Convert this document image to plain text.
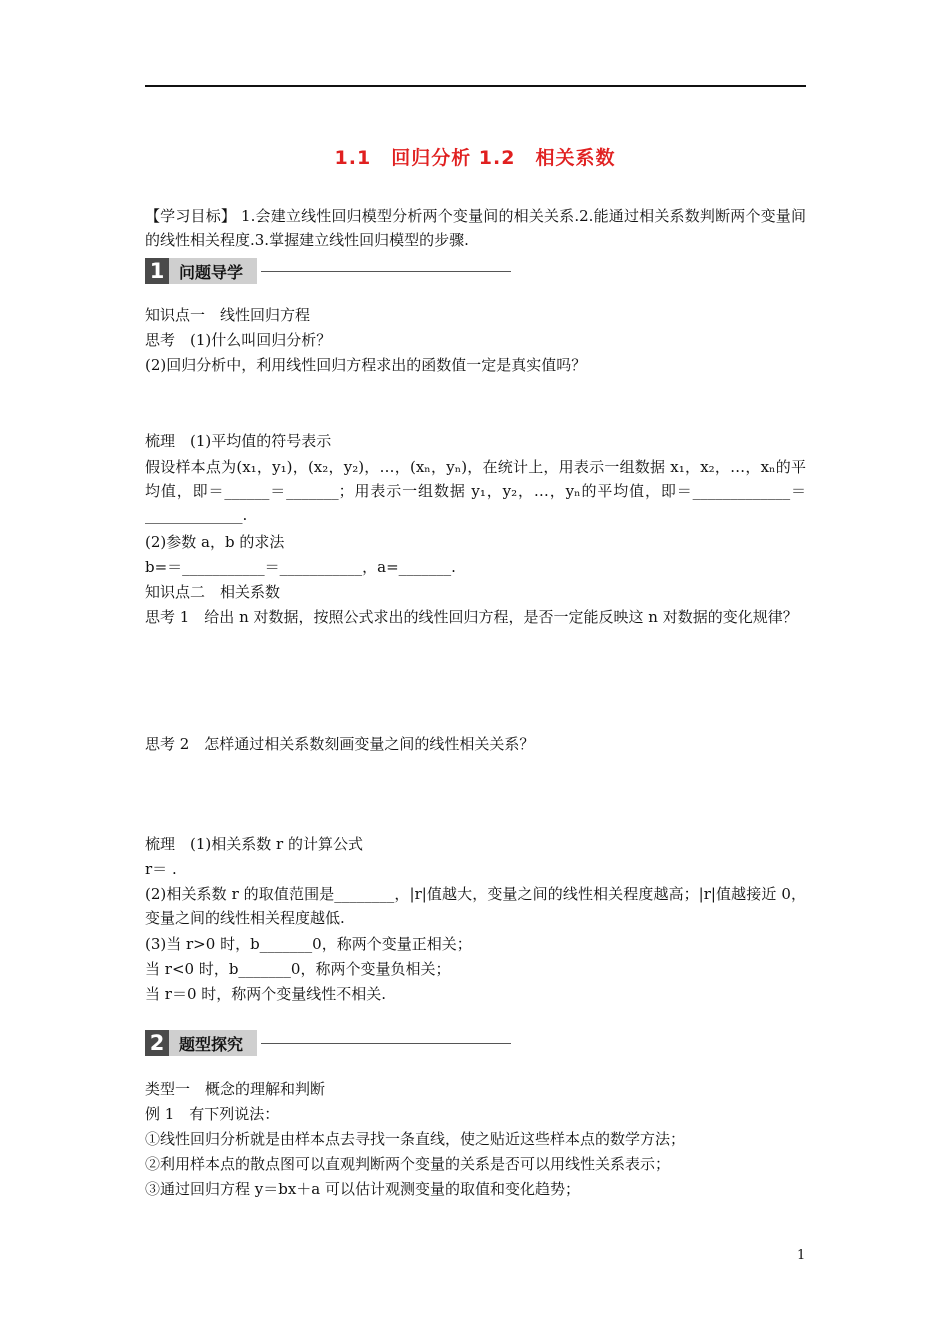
1.1　回归分析 1.2　相关系数
【学习目标】 1.会建立线性回归模型分析两个变量间的相关关系.2.能通过相关系数判断两个变量间的线性相关程度.3.掌握建立线性回归模型的步骤.
1 问题导学
知识点一　线性回归方程
思考　(1)什么叫回归分析？
(2)回归分析中，利用线性回归方程求出的函数值一定是真实值吗？
梳理　(1)平均值的符号表示
假设样本点为(x₁，y₁)，(x₂，y₂)，…，(xₙ，yₙ)，在统计上，用表示一组数据 x₁，x₂，…，xₙ的平均值，即＝______＝_______；用表示一组数据 y₁，y₂，…，yₙ的平均值，即＝_____________＝_____________.
(2)参数 a，b 的求法
b=＝___________＝___________，a=_______.
知识点二　相关系数
思考 1　给出 n 对数据，按照公式求出的线性回归方程，是否一定能反映这 n 对数据的变化规律？
思考 2　怎样通过相关系数刻画变量之间的线性相关关系？
梳理　(1)相关系数 r 的计算公式
r＝ .
(2)相关系数 r 的取值范围是________，|r|值越大，变量之间的线性相关程度越高；|r|值越接近 0，变量之间的线性相关程度越低.
(3)当 r>0 时，b_______0，称两个变量正相关；
当 r<0 时，b_______0，称两个变量负相关；
当 r＝0 时，称两个变量线性不相关.
2 题型探究
类型一　概念的理解和判断
例 1　有下列说法：
①线性回归分析就是由样本点去寻找一条直线，使之贴近这些样本点的数学方法；
②利用样本点的散点图可以直观判断两个变量的关系是否可以用线性关系表示；
③通过回归方程 y＝bx＋a 可以估计观测变量的取值和变化趋势；
1
